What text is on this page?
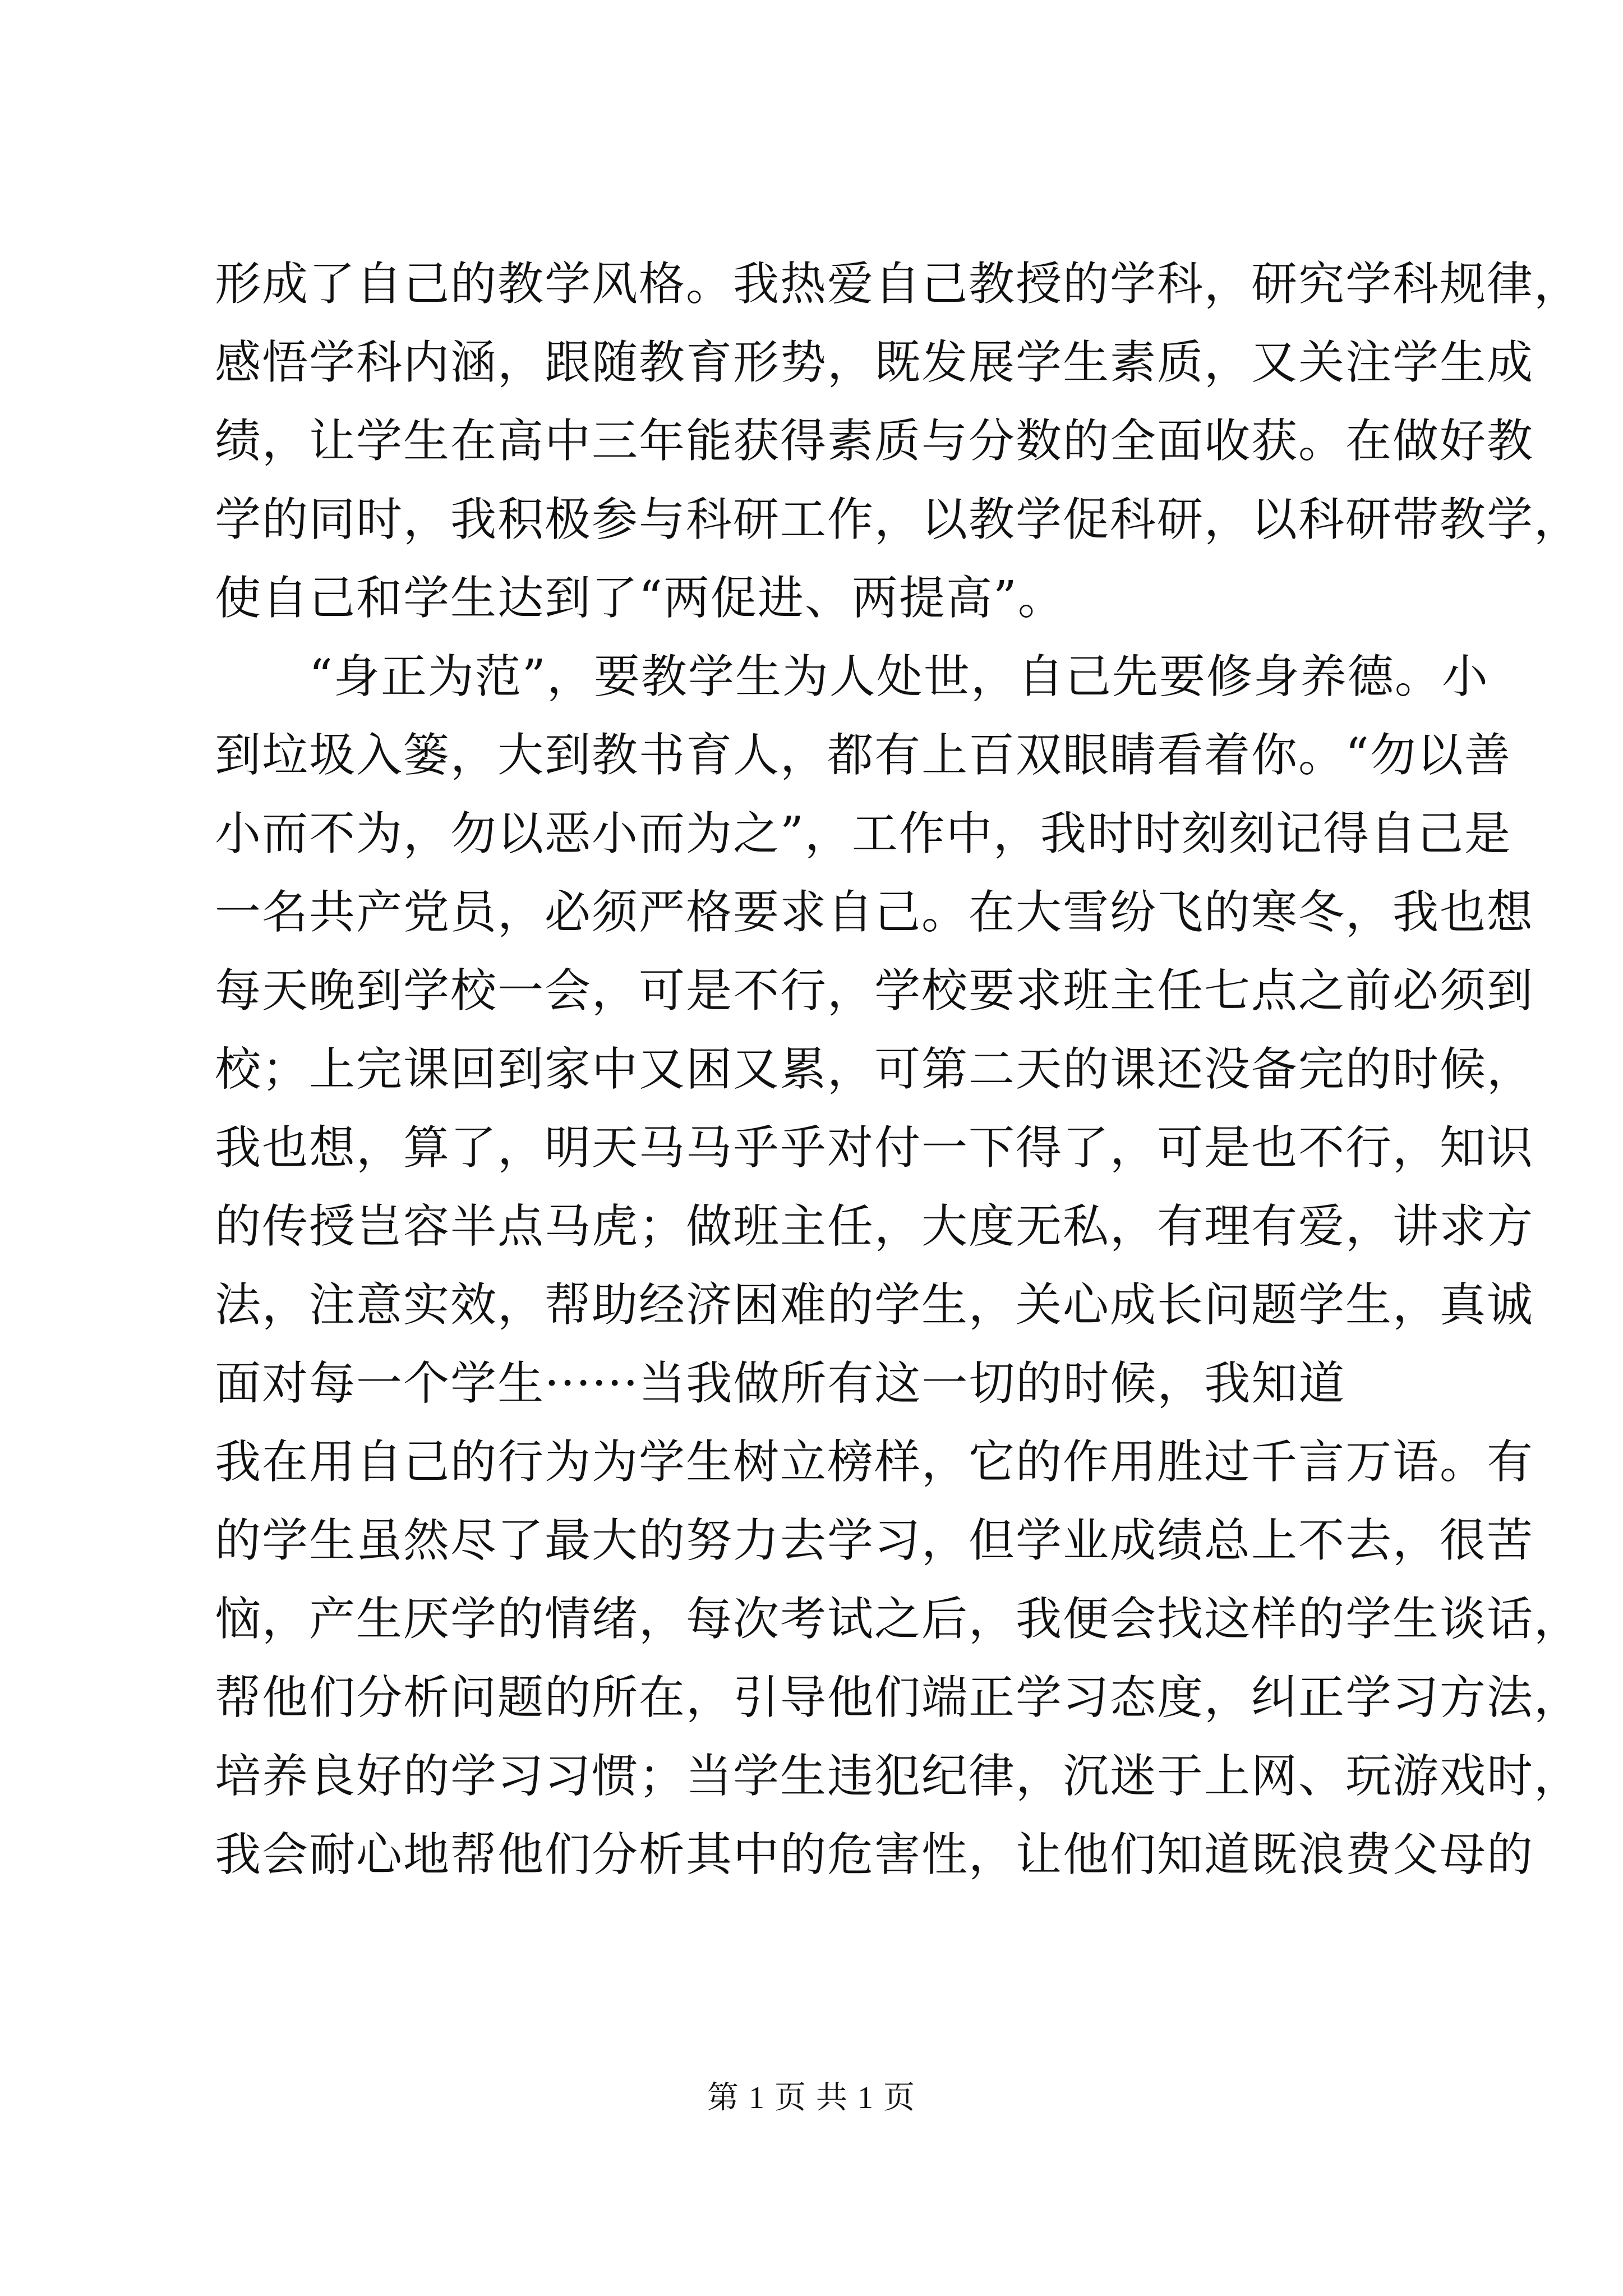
形成了自己的教学风格。我热爱自己教授的学科，研究学科规律，
感悟学科内涵，跟随教育形势，既发展学生素质，又关注学生成
绩，让学生在高中三年能获得素质与分数的全面收获。在做好教
学的同时，我积极参与科研工作，以教学促科研，以科研带教学，
使自己和学生达到了“两促进、两提高”。
　　“身正为范”，要教学生为人处世，自己先要修身养德。小
到垃圾入篓，大到教书育人，都有上百双眼睛看着你。“勿以善
小而不为，勿以恶小而为之”，工作中，我时时刻刻记得自己是
一名共产党员，必须严格要求自己。在大雪纷飞的寒冬，我也想
每天晚到学校一会，可是不行，学校要求班主任七点之前必须到
校；上完课回到家中又困又累，可第二天的课还没备完的时候，
我也想，算了，明天马马乎乎对付一下得了，可是也不行，知识
的传授岂容半点马虎；做班主任，大度无私，有理有爱，讲求方
法，注意实效，帮助经济困难的学生，关心成长问题学生，真诚
面对每一个学生······当我做所有这一切的时候，我知道
我在用自己的行为为学生树立榜样，它的作用胜过千言万语。有
的学生虽然尽了最大的努力去学习，但学业成绩总上不去，很苦
恼，产生厌学的情绪，每次考试之后，我便会找这样的学生谈话，
帮他们分析问题的所在，引导他们端正学习态度，纠正学习方法，
培养良好的学习习惯；当学生违犯纪律，沉迷于上网、玩游戏时，
我会耐心地帮他们分析其中的危害性，让他们知道既浪费父母的
第 1 页 共 1 页
